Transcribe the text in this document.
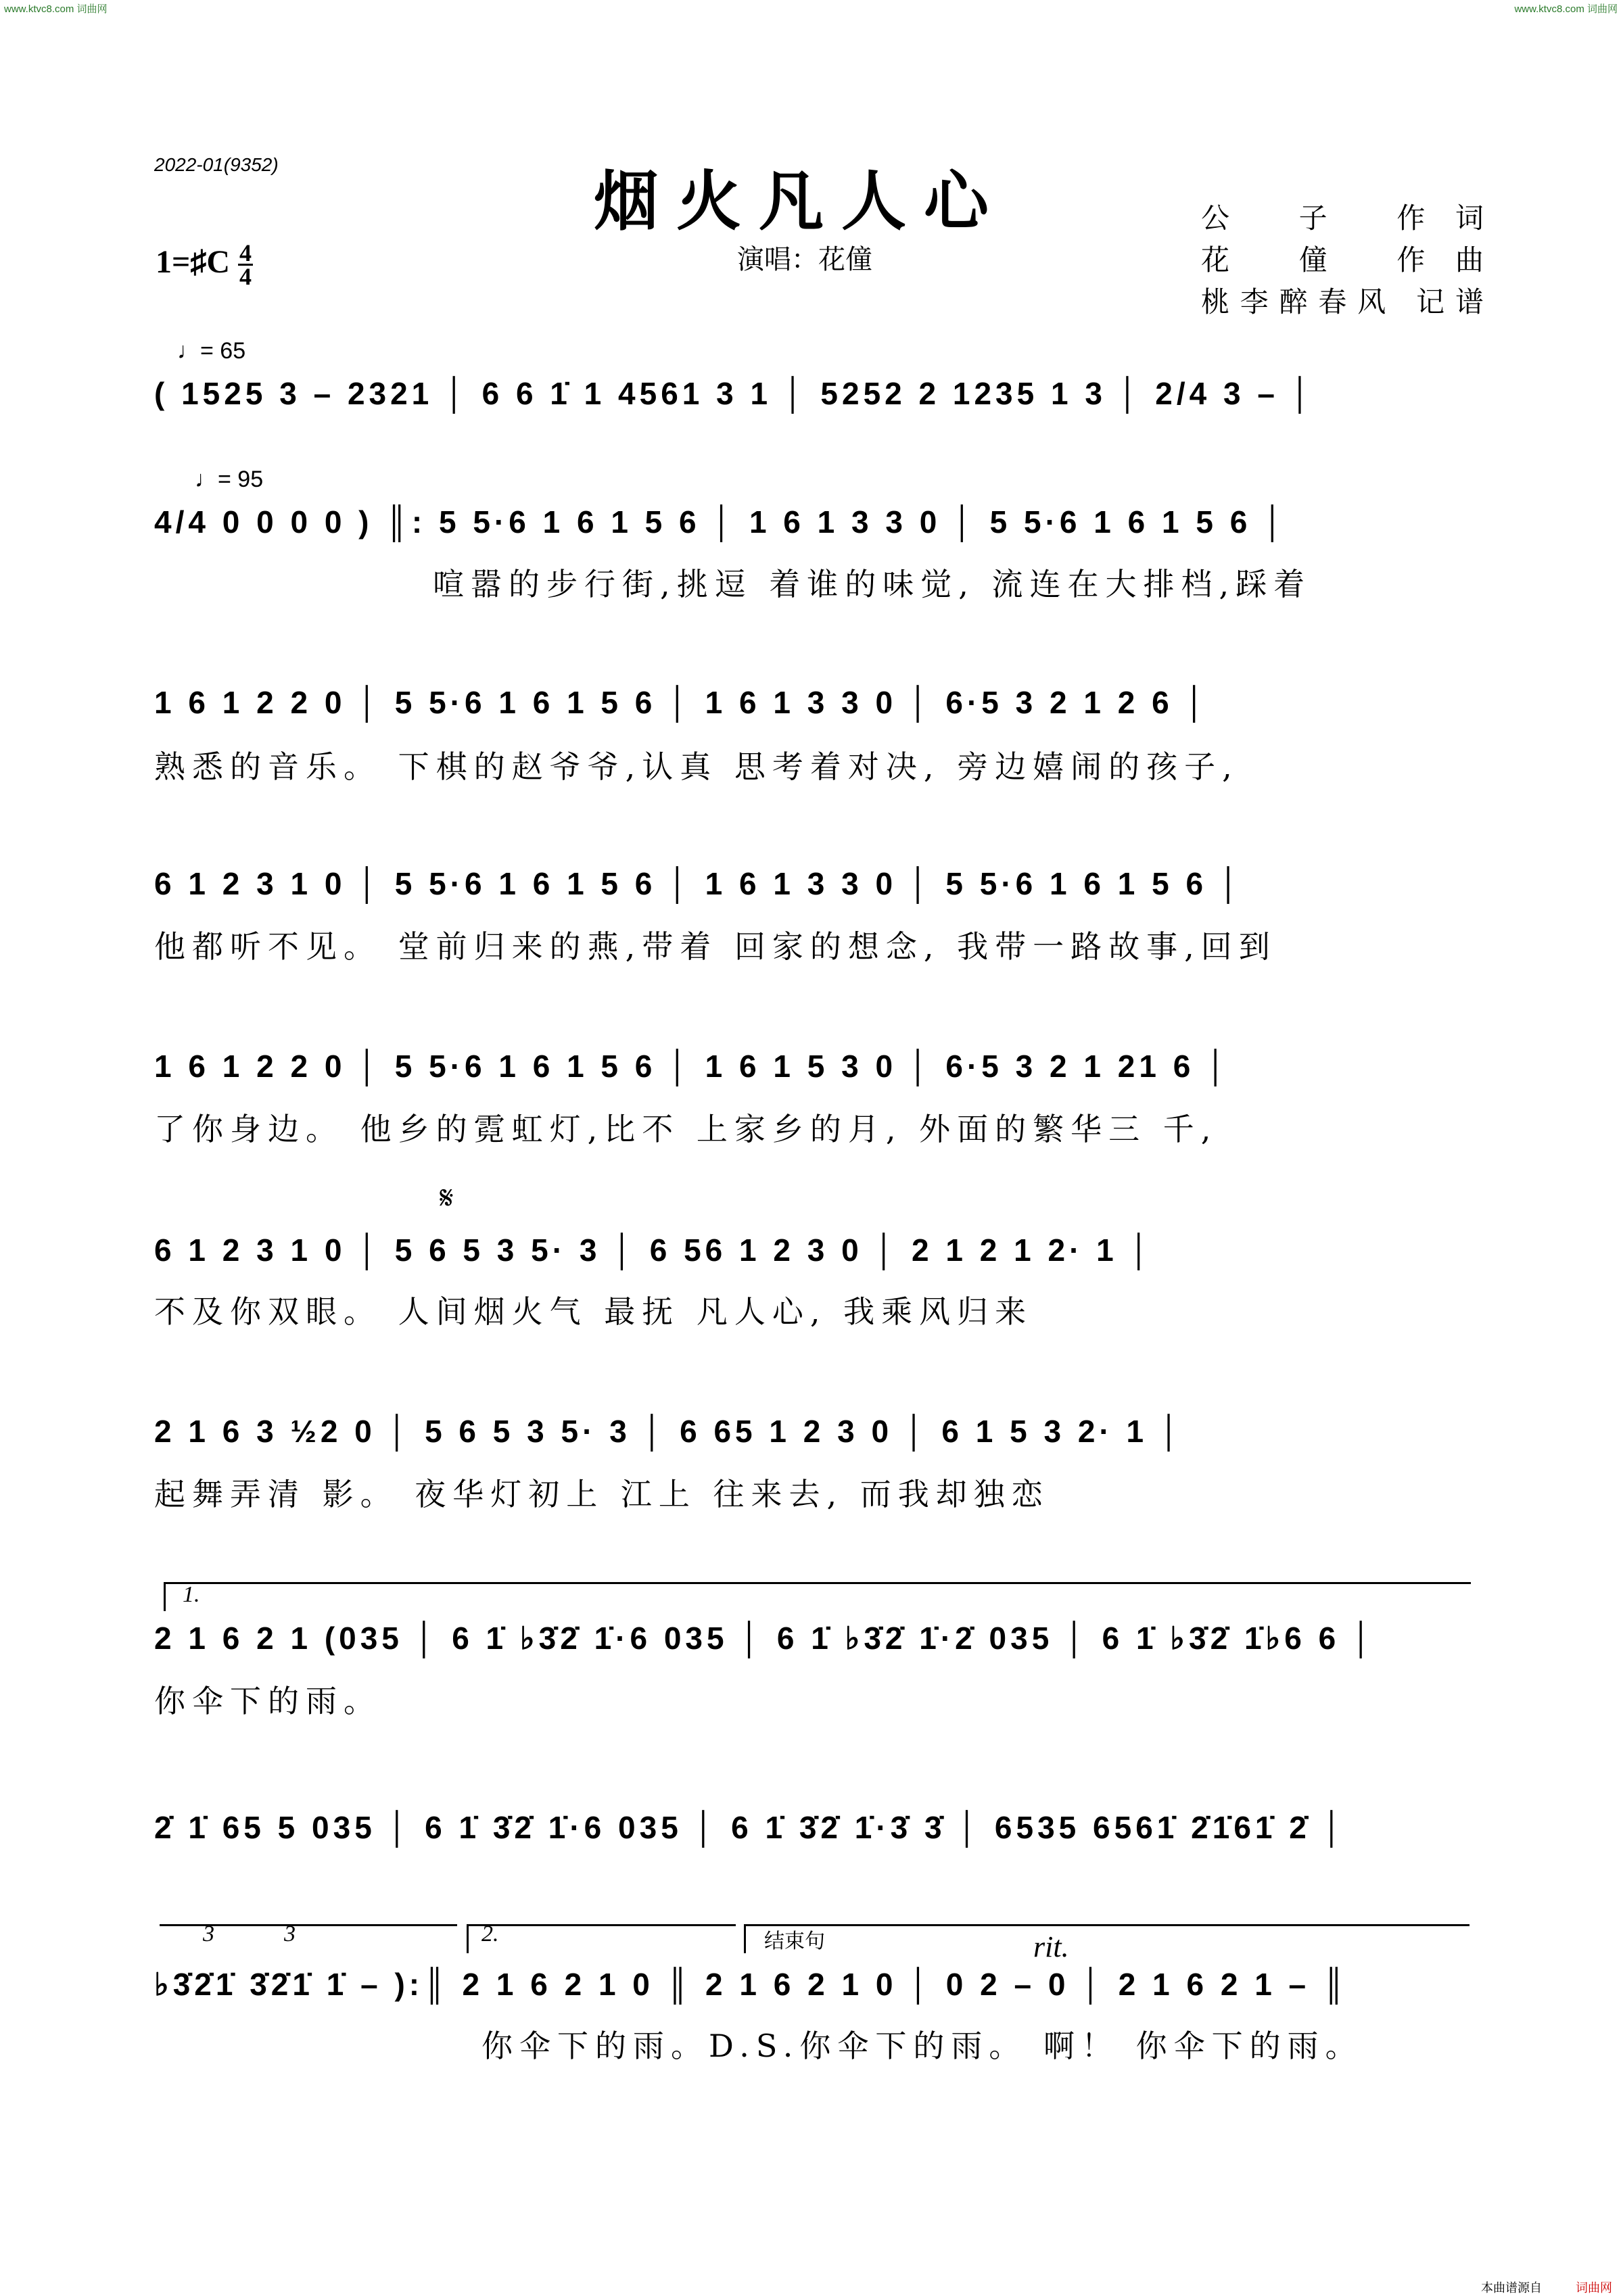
www.ktvc8.com 词曲网	www.ktvc8.com 词曲网
2022-01(9352)	烟火凡人心
演唱：花僮
公 子 作词
花 僮 作曲
桃李醉春风 记谱
1=♯C $\frac{4}{4}$
♩= 65
♩= 95
( 1525 3 – 2321 │ 6 6 1̇ 1 4561 3 1 │ 5252 2 1235 1 3 │ 2/4 3 – │
4/4 0 0 0 0 ) ║: 5 5·6 1 6 1 5 6 │ 1 6 1 3 3 0 │ 5 5·6 1 6 1 5 6 │
喧嚣的步行街,挑逗 着谁的味觉, 流连在大排档,踩着
1 6 1 2 2 0 │ 5 5·6 1 6 1 5 6 │ 1 6 1 3 3 0 │ 6·5 3 2 1 2 6 │
熟悉的音乐。 下棋的赵爷爷,认真 思考着对决, 旁边嬉闹的孩子,
6 1 2 3 1 0 │ 5 5·6 1 6 1 5 6 │ 1 6 1 3 3 0 │ 5 5·6 1 6 1 5 6 │
他都听不见。 堂前归来的燕,带着 回家的想念, 我带一路故事,回到
1 6 1 2 2 0 │ 5 5·6 1 6 1 5 6 │ 1 6 1 5 3 0 │ 6·5 3 2 1 21 6 │
了你身边。 他乡的霓虹灯,比不 上家乡的月, 外面的繁华三 千,
𝄋
6 1 2 3 1 0 │ 5 6 5 3 5· 3 │ 6 56 1 2 3 0 │ 2 1 2 1 2· 1 │
不及你双眼。 人间烟火气 最抚 凡人心, 我乘风归来
2 1 6 3 ½2 0 │ 5 6 5 3 5· 3 │ 6 65 1 2 3 0 │ 6 1 5 3 2· 1 │
起舞弄清 影。 夜华灯初上 江上 往来去, 而我却独恋
1.
2 1 6 2 1 (035 │ 6 1̇ ♭3̇2̇ 1̇·6 035 │ 6 1̇ ♭3̇2̇ 1̇·2̇ 035 │ 6 1̇ ♭3̇2̇ 1̇♭6 6 │
你伞下的雨。
2̇ 1̇ 65 5 035 │ 6 1̇ 3̇2̇ 1̇·6 035 │ 6 1̇ 3̇2̇ 1̇·3̇ 3̇ │ 6535 6561̇ 2̇1̇61̇ 2̇ │
3	3	2.	结束句	rit.
♭3̇2̇1̇ 3̇2̇1̇ 1̇ – ):║ 2 1 6 2 1 0 ║ 2 1 6 2 1 0 │ 0 2 – 0 │ 2 1 6 2 1 – ║
你伞下的雨。D.S.你伞下的雨。 啊！ 你伞下的雨。
本曲谱源自	词曲网
